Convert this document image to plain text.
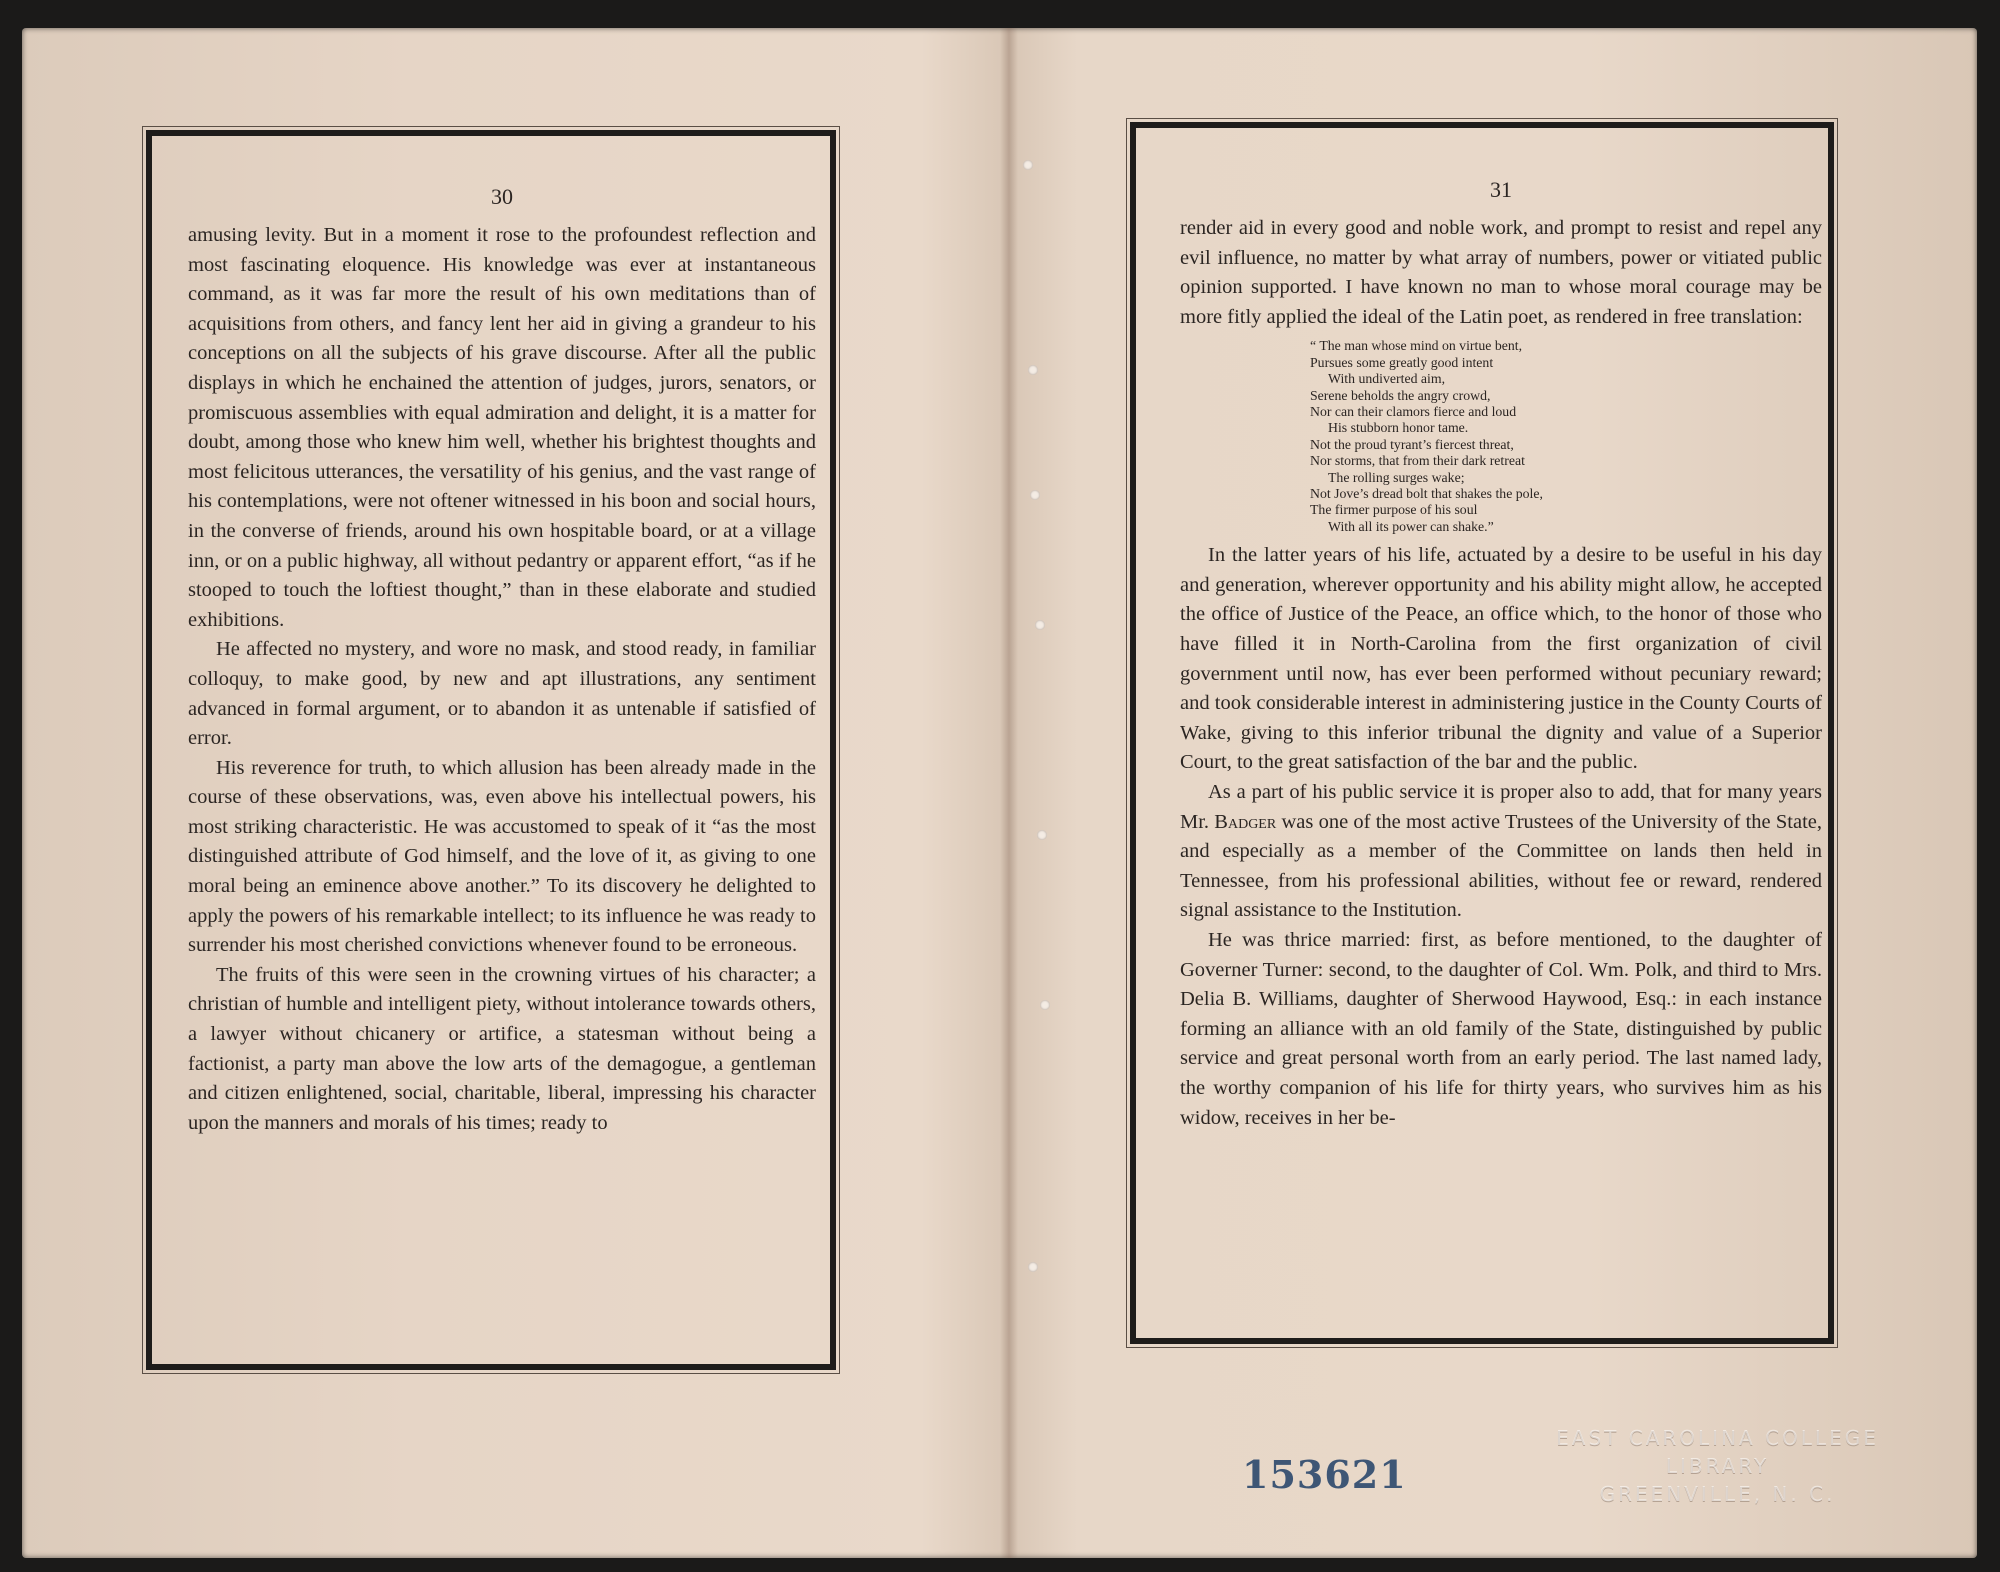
30

amusing levity. But in a moment it rose to the profoundest reflection and most fascinating eloquence. His knowledge was ever at instantaneous command, as it was far more the result of his own meditations than of acquisitions from others, and fancy lent her aid in giving a grandeur to his conceptions on all the subjects of his grave discourse. After all the public displays in which he enchained the attention of judges, jurors, senators, or promiscuous assemblies with equal admiration and delight, it is a matter for doubt, among those who knew him well, whether his brightest thoughts and most felicitous utterances, the versatility of his genius, and the vast range of his contemplations, were not oftener witnessed in his boon and social hours, in the converse of friends, around his own hospitable board, or at a village inn, or on a public highway, all without pedantry or apparent effort, “as if he stooped to touch the loftiest thought,” than in these elaborate and studied exhibitions.

He affected no mystery, and wore no mask, and stood ready, in familiar colloquy, to make good, by new and apt illustrations, any sentiment advanced in formal argument, or to abandon it as untenable if satisfied of error.

His reverence for truth, to which allusion has been already made in the course of these observations, was, even above his intellectual powers, his most striking characteristic. He was accustomed to speak of it “as the most distinguished attribute of God himself, and the love of it, as giving to one moral being an eminence above another.” To its discovery he delighted to apply the powers of his remarkable intellect; to its influence he was ready to surrender his most cherished convictions whenever found to be erroneous.

The fruits of this were seen in the crowning virtues of his character; a christian of humble and intelligent piety, without intolerance towards others, a lawyer without chicanery or artifice, a statesman without being a factionist, a party man above the low arts of the demagogue, a gentleman and citizen enlightened, social, charitable, liberal, impressing his character upon the manners and morals of his times; ready to

31

render aid in every good and noble work, and prompt to resist and repel any evil influence, no matter by what array of numbers, power or vitiated public opinion supported. I have known no man to whose moral courage may be more fitly applied the ideal of the Latin poet, as rendered in free translation:

“ The man whose mind on virtue bent,
Pursues some greatly good intent
With undiverted aim,
Serene beholds the angry crowd,
Nor can their clamors fierce and loud
His stubborn honor tame.
Not the proud tyrant’s fiercest threat,
Nor storms, that from their dark retreat
The rolling surges wake;
Not Jove’s dread bolt that shakes the pole,
The firmer purpose of his soul
With all its power can shake.”

In the latter years of his life, actuated by a desire to be useful in his day and generation, wherever opportunity and his ability might allow, he accepted the office of Justice of the Peace, an office which, to the honor of those who have filled it in North-Carolina from the first organization of civil government until now, has ever been performed without pecuniary reward; and took considerable interest in administering justice in the County Courts of Wake, giving to this inferior tribunal the dignity and value of a Superior Court, to the great satisfaction of the bar and the public.

As a part of his public service it is proper also to add, that for many years Mr. Badger was one of the most active Trustees of the University of the State, and especially as a member of the Committee on lands then held in Tennessee, from his professional abilities, without fee or reward, rendered signal assistance to the Institution.

He was thrice married: first, as before mentioned, to the daughter of Governer Turner: second, to the daughter of Col. Wm. Polk, and third to Mrs. Delia B. Williams, daughter of Sherwood Haywood, Esq.: in each instance forming an alliance with an old family of the State, distinguished by public service and great personal worth from an early period. The last named lady, the worthy companion of his life for thirty years, who survives him as his widow, receives in her be-

153621
EAST CAROLINA COLLEGE
LIBRARY
GREENVILLE, N. C.
